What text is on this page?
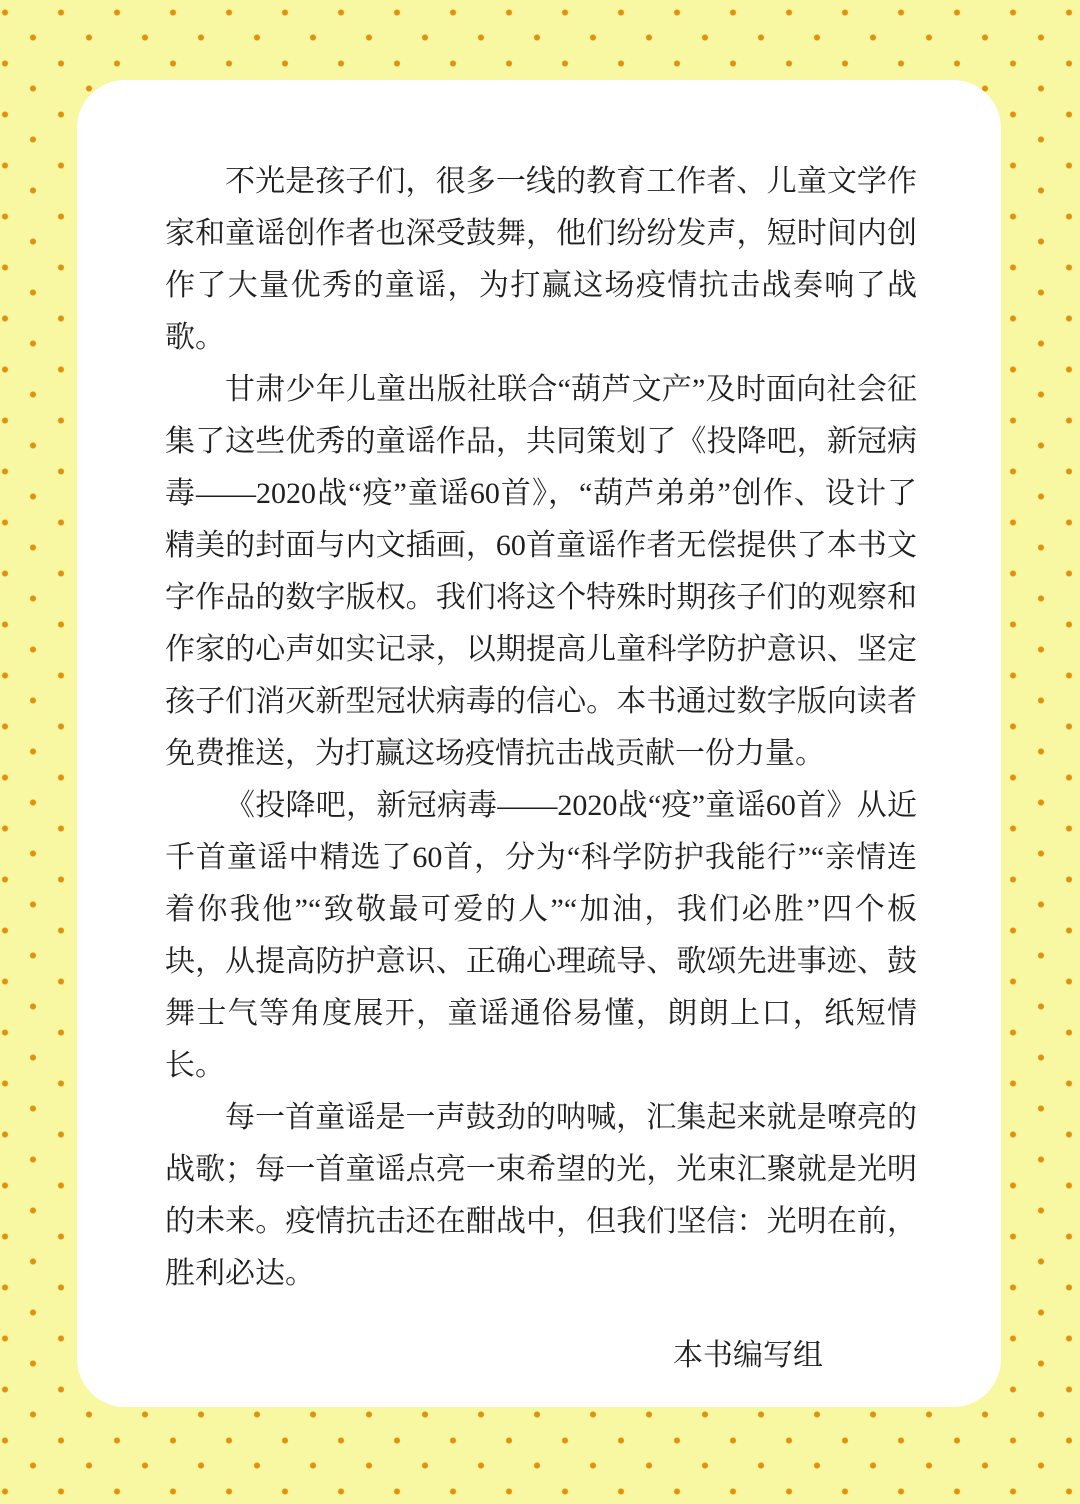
不光是孩子们，很多一线的教育工作者、儿童文学作家和童谣创作者也深受鼓舞，他们纷纷发声，短时间内创作了大量优秀的童谣，为打赢这场疫情抗击战奏响了战歌。

甘肃少年儿童出版社联合“葫芦文产”及时面向社会征集了这些优秀的童谣作品，共同策划了《投降吧，新冠病毒——2020战“疫”童谣60首》，“葫芦弟弟”创作、设计了精美的封面与内文插画，60首童谣作者无偿提供了本书文字作品的数字版权。我们将这个特殊时期孩子们的观察和作家的心声如实记录，以期提高儿童科学防护意识、坚定孩子们消灭新型冠状病毒的信心。本书通过数字版向读者免费推送，为打赢这场疫情抗击战贡献一份力量。

《投降吧，新冠病毒——2020战“疫”童谣60首》从近千首童谣中精选了60首，分为“科学防护我能行”“亲情连着你我他”“致敬最可爱的人”“加油，我们必胜”四个板块，从提高防护意识、正确心理疏导、歌颂先进事迹、鼓舞士气等角度展开，童谣通俗易懂，朗朗上口，纸短情长。

每一首童谣是一声鼓劲的呐喊，汇集起来就是嘹亮的战歌；每一首童谣点亮一束希望的光，光束汇聚就是光明的未来。疫情抗击还在酣战中，但我们坚信：光明在前，胜利必达。

本书编写组
